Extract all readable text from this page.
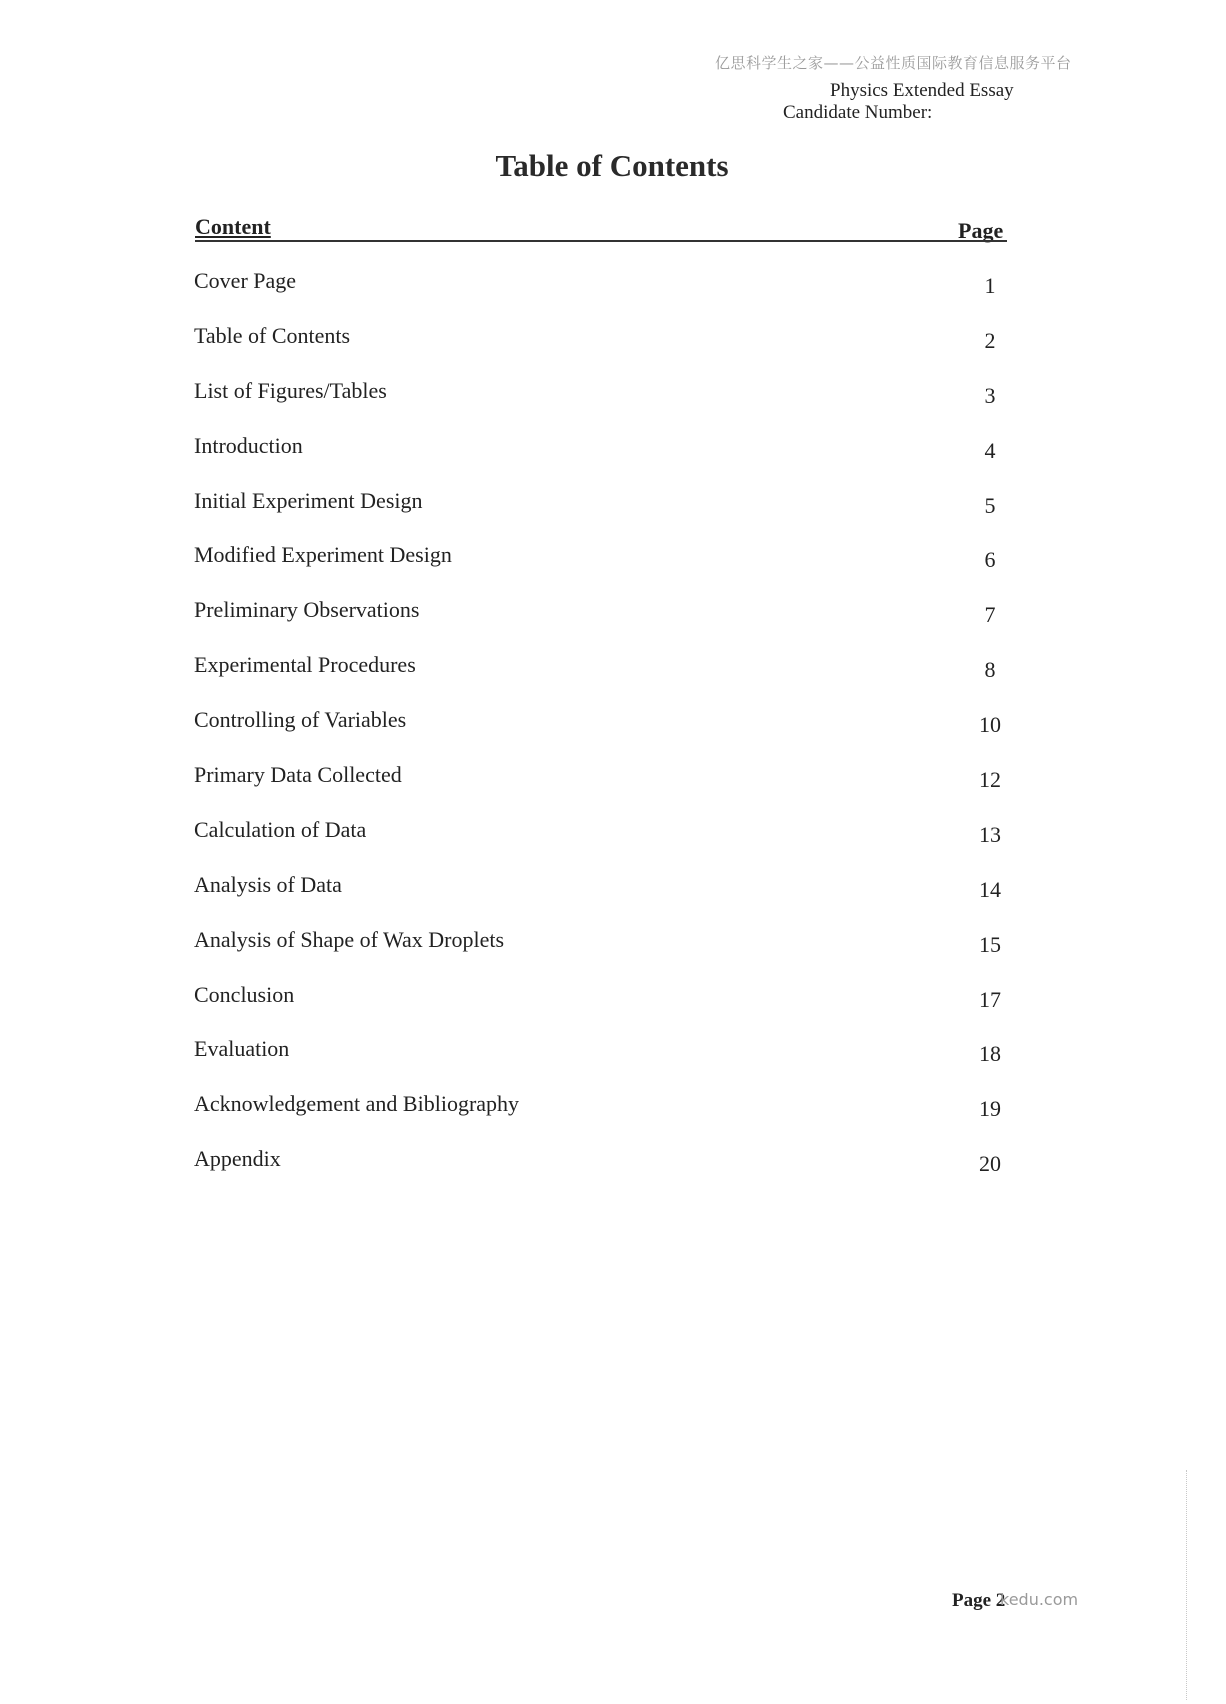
亿思科学生之家——公益性质国际教育信息服务平台
Physics Extended Essay
Candidate Number:
Table of Contents
Content	Page
Cover Page	1
Table of Contents	2
List of Figures/Tables	3
Introduction	4
Initial Experiment Design	5
Modified Experiment Design	6
Preliminary Observations	7
Experimental Procedures	8
Controlling of Variables	10
Primary Data Collected	12
Calculation of Data	13
Analysis of Data	14
Analysis of Shape of Wax Droplets	15
Conclusion	17
Evaluation	18
Acknowledgement and Bibliography	19
Appendix	20
Page 2
kedu.com
